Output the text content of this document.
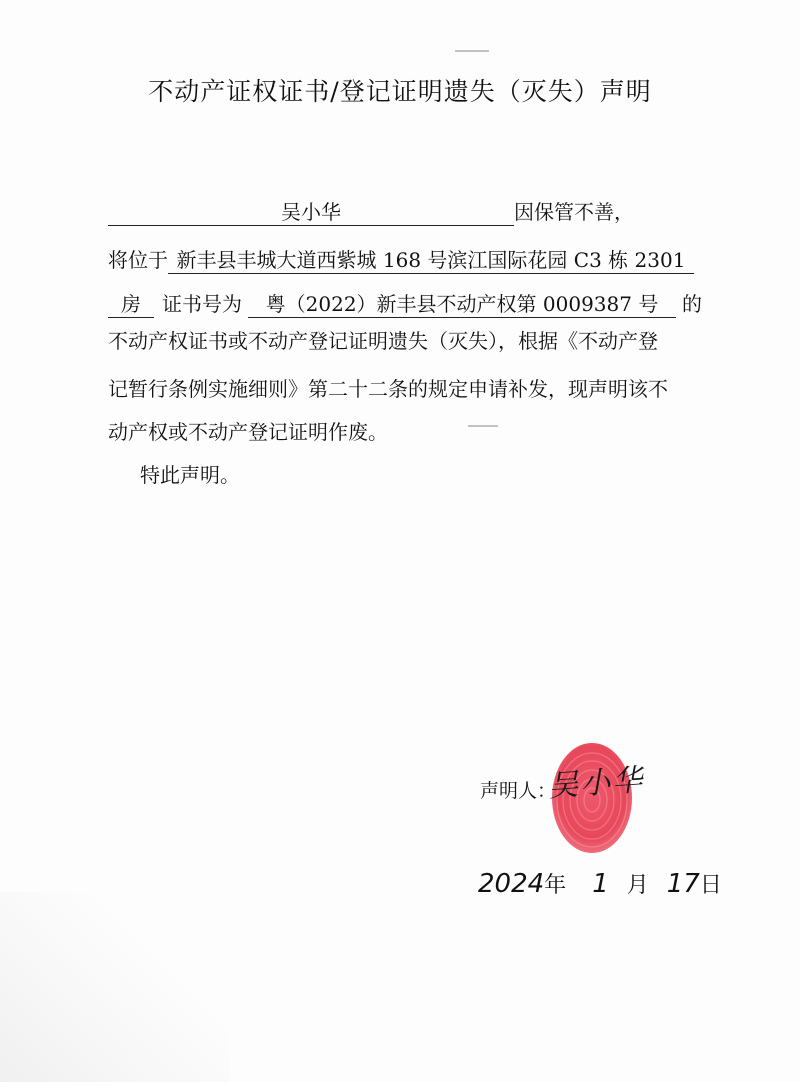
不动产证权证书/登记证明遗失（灭失）声明
吴小华	因保管不善，
将位于 新丰县丰城大道西紫城 168 号滨江国际花园 C3 栋 2301
房 证书号为 粤（2022）新丰县不动产权第 0009387 号 的
不动产权证书或不动产登记证明遗失（灭失），根据《不动产登
记暂行条例实施细则》第二十二条的规定申请补发，现声明该不
动产权或不动产登记证明作废。
特此声明。
声明人：
吴小华
2024年 1 月 17日
